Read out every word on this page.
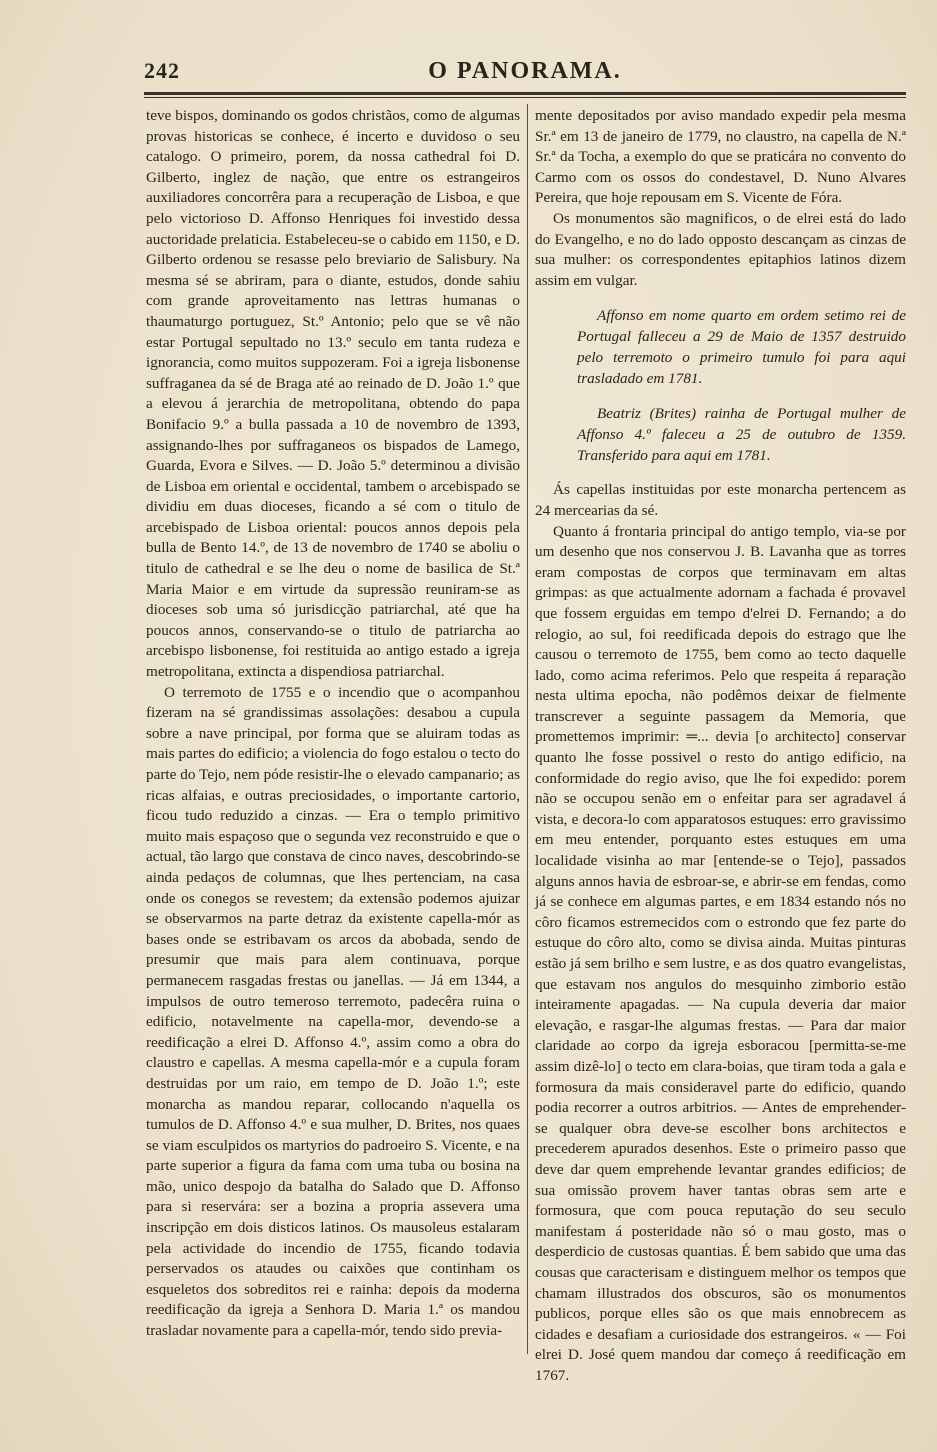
242	O PANORAMA.

teve bispos, dominando os godos christãos, como de algumas provas historicas se conhece, é incerto e duvidoso o seu catalogo. O primeiro, porem, da nossa cathedral foi D. Gilberto, inglez de nação, que entre os estrangeiros auxiliadores concorrêra para a recuperação de Lisboa, e que pelo victorioso D. Affonso Henriques foi investido dessa auctoridade prelaticia. Estabeleceu-se o cabido em 1150, e D. Gilberto ordenou se resasse pelo breviario de Salisbury. Na mesma sé se abriram, para o diante, estudos, donde sahiu com grande aproveitamento nas lettras humanas o thaumaturgo portuguez, St.º Antonio; pelo que se vê não estar Portugal sepultado no 13.º seculo em tanta rudeza e ignorancia, como muitos suppozeram. Foi a igreja lisbonense suffraganea da sé de Braga até ao reinado de D. João 1.º que a elevou á jerarchia de metropolitana, obtendo do papa Bonifacio 9.º a bulla passada a 10 de novembro de 1393, assignando-lhes por suffraganeos os bispados de Lamego, Guarda, Evora e Silves. — D. João 5.º determinou a divisão de Lisboa em oriental e occidental, tambem o arcebispado se dividiu em duas dioceses, ficando a sé com o titulo de arcebispado de Lisboa oriental: poucos annos depois pela bulla de Bento 14.º, de 13 de novembro de 1740 se aboliu o titulo de cathedral e se lhe deu o nome de basilica de St.ª Maria Maior e em virtude da supressão reuniram-se as dioceses sob uma só jurisdicção patriarchal, até que ha poucos annos, conservando-se o titulo de patriarcha ao arcebispo lisbonense, foi restituida ao antigo estado a igreja metropolitana, extincta a dispendiosa patriarchal.

O terremoto de 1755 e o incendio que o acompanhou fizeram na sé grandissimas assolações: desabou a cupula sobre a nave principal, por forma que se aluiram todas as mais partes do edificio; a violencia do fogo estalou o tecto do parte do Tejo, nem póde resistir-lhe o elevado campanario; as ricas alfaias, e outras preciosidades, o importante cartorio, ficou tudo reduzido a cinzas. — Era o templo primitivo muito mais espaçoso que o segunda vez reconstruido e que o actual, tão largo que constava de cinco naves, descobrindo-se ainda pedaços de columnas, que lhes pertenciam, na casa onde os conegos se revestem; da extensão podemos ajuizar se observarmos na parte detraz da existente capella-mór as bases onde se estribavam os arcos da abobada, sendo de presumir que mais para alem continuava, porque permanecem rasgadas frestas ou janellas. — Já em 1344, a impulsos de outro temeroso terremoto, padecêra ruina o edificio, notavelmente na capella-mor, devendo-se a reedificação a elrei D. Affonso 4.º, assim como a obra do claustro e capellas. A mesma capella-mór e a cupula foram destruidas por um raio, em tempo de D. João 1.º; este monarcha as mandou reparar, collocando n'aquella os tumulos de D. Affonso 4.º e sua mulher, D. Brites, nos quaes se viam esculpidos os martyrios do padroeiro S. Vicente, e na parte superior a figura da fama com uma tuba ou bosina na mão, unico despojo da batalha do Salado que D. Affonso para si reservára: ser a bozina a propria assevera uma inscripção em dois disticos latinos. Os mausoleus estalaram pela actividade do incendio de 1755, ficando todavia perservados os ataudes ou caixões que continham os esqueletos dos sobreditos rei e rainha: depois da moderna reedificação da igreja a Senhora D. Maria 1.ª os mandou trasladar novamente para a capella-mór, tendo sido previa-

mente depositados por aviso mandado expedir pela mesma Sr.ª em 13 de janeiro de 1779, no claustro, na capella de N.ª Sr.ª da Tocha, a exemplo do que se praticára no convento do Carmo com os ossos do condestavel, D. Nuno Alvares Pereira, que hoje repousam em S. Vicente de Fóra.

Os monumentos são magnificos, o de elrei está do lado do Evangelho, e no do lado opposto descançam as cinzas de sua mulher: os correspondentes epitaphios latinos dizem assim em vulgar.

Affonso em nome quarto em ordem setimo rei de Portugal falleceu a 29 de Maio de 1357 destruido pelo terremoto o primeiro tumulo foi para aqui trasladado em 1781.

Beatriz (Brites) rainha de Portugal mulher de Affonso 4.º faleceu a 25 de outubro de 1359. Transferido para aqui em 1781.

Ás capellas instituidas por este monarcha pertencem as 24 mercearias da sé.

Quanto á frontaria principal do antigo templo, via-se por um desenho que nos conservou J. B. Lavanha que as torres eram compostas de corpos que terminavam em altas grimpas: as que actualmente adornam a fachada é provavel que fossem erguidas em tempo d'elrei D. Fernando; a do relogio, ao sul, foi reedificada depois do estrago que lhe causou o terremoto de 1755, bem como ao tecto daquelle lado, como acima referimos. Pelo que respeita á reparação nesta ultima epocha, não podêmos deixar de fielmente transcrever a seguinte passagem da Memoria, que promettemos imprimir: ═... devia [o architecto] conservar quanto lhe fosse possivel o resto do antigo edificio, na conformidade do regio aviso, que lhe foi expedido: porem não se occupou senão em o enfeitar para ser agradavel á vista, e decora-lo com apparatosos estuques: erro gravissimo em meu entender, porquanto estes estuques em uma localidade visinha ao mar [entende-se o Tejo], passados alguns annos havia de esbroar-se, e abrir-se em fendas, como já se conhece em algumas partes, e em 1834 estando nós no côro ficamos estremecidos com o estrondo que fez parte do estuque do côro alto, como se divisa ainda. Muitas pinturas estão já sem brilho e sem lustre, e as dos quatro evangelistas, que estavam nos angulos do mesquinho zimborio estão inteiramente apagadas. — Na cupula deveria dar maior elevação, e rasgar-lhe algumas frestas. — Para dar maior claridade ao corpo da igreja esboracou [permitta-se-me assim dizê-lo] o tecto em clara-boias, que tiram toda a gala e formosura da mais consideravel parte do edificio, quando podia recorrer a outros arbitrios. — Antes de emprehender-se qualquer obra deve-se escolher bons architectos e precederem apurados desenhos. Este o primeiro passo que deve dar quem emprehende levantar grandes edificios; de sua omissão provem haver tantas obras sem arte e formosura, que com pouca reputação do seu seculo manifestam á posteridade não só o mau gosto, mas o desperdicio de custosas quantias. É bem sabido que uma das cousas que caracterisam e distinguem melhor os tempos que chamam illustrados dos obscuros, são os monumentos publicos, porque elles são os que mais ennobrecem as cidades e desafiam a curiosidade dos estrangeiros. « — Foi elrei D. José quem mandou dar começo á reedificação em 1767.
